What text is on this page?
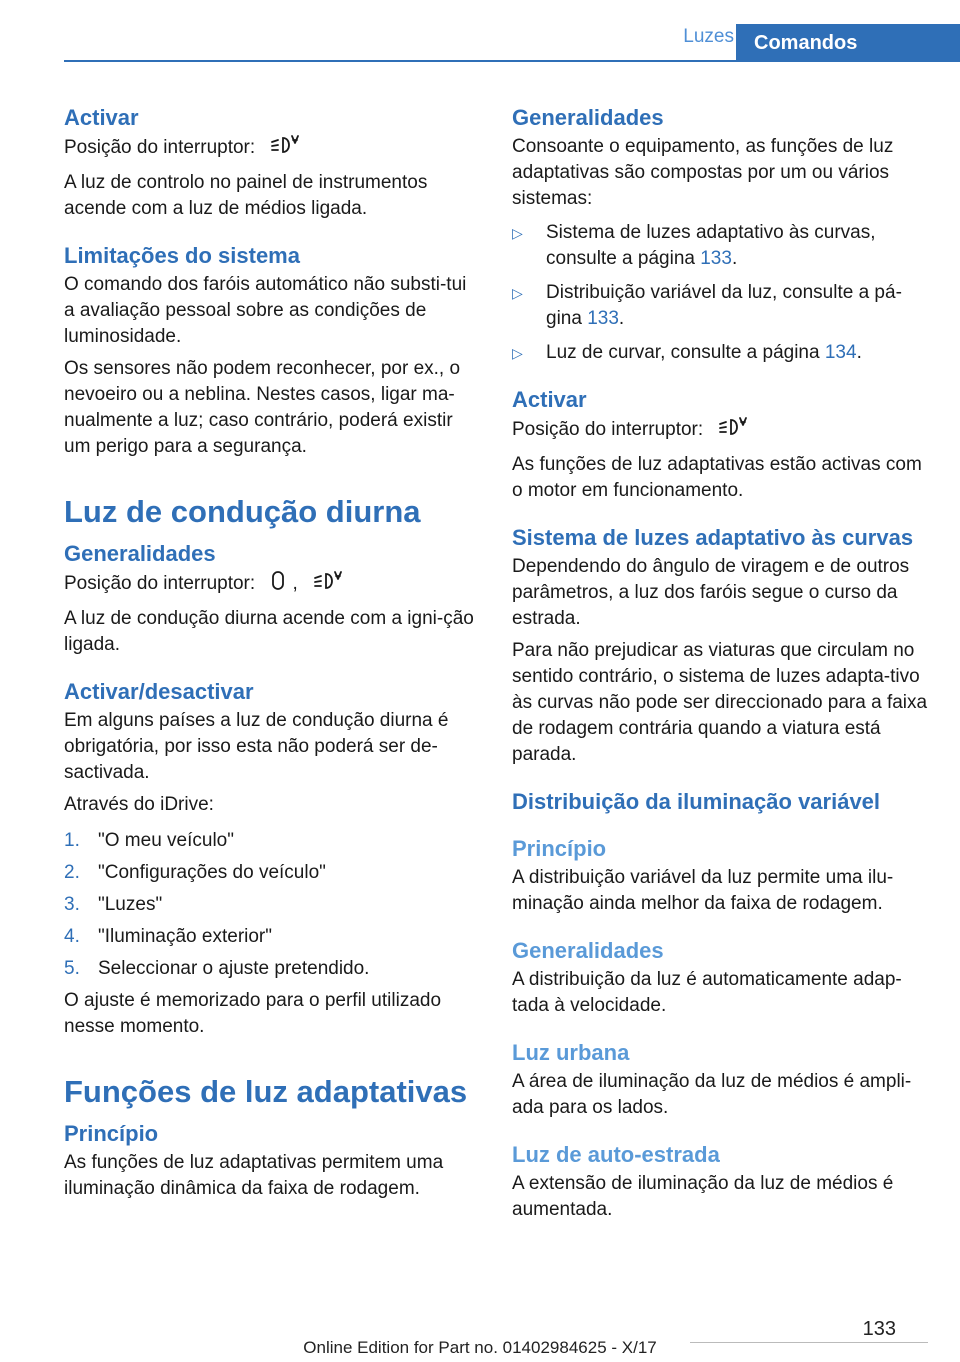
Luzes	Comandos
Activar
Posição do interruptor:
A luz de controlo no painel de instrumentos acende com a luz de médios ligada.
Limitações do sistema
O comando dos faróis automático não substi-tui a avaliação pessoal sobre as condições de luminosidade.
Os sensores não podem reconhecer, por ex., o nevoeiro ou a neblina. Nestes casos, ligar ma-nualmente a luz; caso contrário, poderá existir um perigo para a segurança.
Luz de condução diurna
Generalidades
Posição do interruptor: ,
A luz de condução diurna acende com a igni-ção ligada.
Activar/desactivar
Em alguns países a luz de condução diurna é obrigatória, por isso esta não poderá ser de-sactivada.
Através do iDrive:
1. "O meu veículo"
2. "Configurações do veículo"
3. "Luzes"
4. "Iluminação exterior"
5. Seleccionar o ajuste pretendido.
O ajuste é memorizado para o perfil utilizado nesse momento.
Funções de luz adaptativas
Princípio
As funções de luz adaptativas permitem uma iluminação dinâmica da faixa de rodagem.
Generalidades
Consoante o equipamento, as funções de luz adaptativas são compostas por um ou vários sistemas:
▷ Sistema de luzes adaptativo às curvas, consulte a página 133.
▷ Distribuição variável da luz, consulte a pá-gina 133.
▷ Luz de curvar, consulte a página 134.
Activar
Posição do interruptor:
As funções de luz adaptativas estão activas com o motor em funcionamento.
Sistema de luzes adaptativo às curvas
Dependendo do ângulo de viragem e de outros parâmetros, a luz dos faróis segue o curso da estrada.
Para não prejudicar as viaturas que circulam no sentido contrário, o sistema de luzes adapta-tivo às curvas não pode ser direccionado para a faixa de rodagem contrária quando a viatura está parada.
Distribuição da iluminação variável
Princípio
A distribuição variável da luz permite uma ilu-minação ainda melhor da faixa de rodagem.
Generalidades
A distribuição da luz é automaticamente adap-tada à velocidade.
Luz urbana
A área de iluminação da luz de médios é ampli-ada para os lados.
Luz de auto-estrada
A extensão de iluminação da luz de médios é aumentada.
133
Online Edition for Part no. 01402984625 - X/17
